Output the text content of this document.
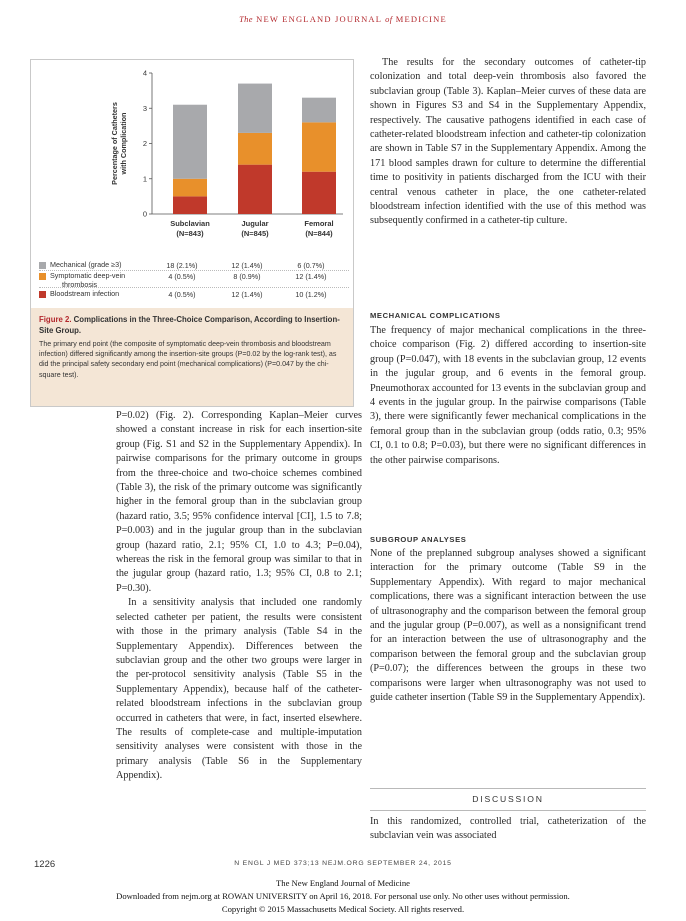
The NEW ENGLAND JOURNAL of MEDICINE
0
1
2
3
4
Percentage of Catheters with Complication
Subclavian
(N=843)
Jugular
(N=845)
Femoral
(N=844)
Mechanical (grade ≥3)	18 (2.1%)	12 (1.4%)	6 (0.7%)
Symptomatic deep-vein
thrombosis
4 (0.5%)	8 (0.9%)	12 (1.4%)
Bloodstream infection	4 (0.5%)	12 (1.4%)	10 (1.2%)
Figure 2. Complications in the Three-Choice Comparison, According to Insertion-Site Group.
The primary end point (the composite of symptomatic deep-vein thrombosis and bloodstream infection) differed significantly among the insertion-site groups (P=0.02 by the log-rank test), as did the principal safety secondary end point (mechanical complications) (P=0.047 by the chi-square test).

P=0.02) (Fig. 2). Corresponding Kaplan–Meier curves showed a constant increase in risk for each insertion-site group (Fig. S1 and S2 in the Supplementary Appendix). In pairwise comparisons for the primary outcome in groups from the three-choice and two-choice schemes combined (Table 3), the risk of the primary outcome was significantly higher in the femoral group than in the subclavian group (hazard ratio, 3.5; 95% confidence interval [CI], 1.5 to 7.8; P=0.003) and in the jugular group than in the subclavian group (hazard ratio, 2.1; 95% CI, 1.0 to 4.3; P=0.04), whereas the risk in the femoral group was similar to that in the jugular group (hazard ratio, 1.3; 95% CI, 0.8 to 2.1; P=0.30).

In a sensitivity analysis that included one randomly selected catheter per patient, the results were consistent with those in the primary analysis (Table S4 in the Supplementary Appendix). Differences between the subclavian group and the other two groups were larger in the per-protocol sensitivity analysis (Table S5 in the Supplementary Appendix), because half of the catheter-related bloodstream infections in the subclavian group occurred in catheters that were, in fact, inserted elsewhere. The results of complete-case and multiple-imputation sensitivity analyses were consistent with those in the primary analysis (Table S6 in the Supplementary Appendix).

The results for the secondary outcomes of catheter-tip colonization and total deep-vein thrombosis also favored the subclavian group (Table 3). Kaplan–Meier curves of these data are shown in Figures S3 and S4 in the Supplementary Appendix, respectively. The causative pathogens identified in each case of catheter-related bloodstream infection and catheter-tip colonization are shown in Table S7 in the Supplementary Appendix. Among the 171 blood samples drawn for culture to determine the differential time to positivity in patients discharged from the ICU with their central venous catheter in place, the one catheter-related bloodstream infection identified with the use of this method was subsequently confirmed in a catheter-tip culture.

MECHANICAL COMPLICATIONS

The frequency of major mechanical complications in the three-choice comparison (Fig. 2) differed according to insertion-site group (P=0.047), with 18 events in the subclavian group, 12 events in the jugular group, and 6 events in the femoral group. Pneumothorax accounted for 13 events in the subclavian group and 4 events in the jugular group. In the pairwise comparisons (Table 3), there were significantly fewer mechanical complications in the femoral group than in the subclavian group (odds ratio, 0.3; 95% CI, 0.1 to 0.8; P=0.03), but there were no significant differences in the other pairwise comparisons.

SUBGROUP ANALYSES

None of the preplanned subgroup analyses showed a significant interaction for the primary outcome (Table S9 in the Supplementary Appendix). With regard to major mechanical complications, there was a significant interaction between the use of ultrasonography and the comparison between the femoral group and the jugular group (P=0.007), as well as a nonsignificant trend for an interaction between the use of ultrasonography and the comparison between the femoral group and the subclavian group (P=0.07); the differences between the groups in these two comparisons were larger when ultrasonography was not used to guide catheter insertion (Table S9 in the Supplementary Appendix).

DISCUSSION

In this randomized, controlled trial, catheterization of the subclavian vein was associated

1226	N ENGL J MED 373;13 NEJM.ORG SEPTEMBER 24, 2015
The New England Journal of Medicine
Downloaded from nejm.org at ROWAN UNIVERSITY on April 16, 2018. For personal use only. No other uses without permission.
Copyright © 2015 Massachusetts Medical Society. All rights reserved.
